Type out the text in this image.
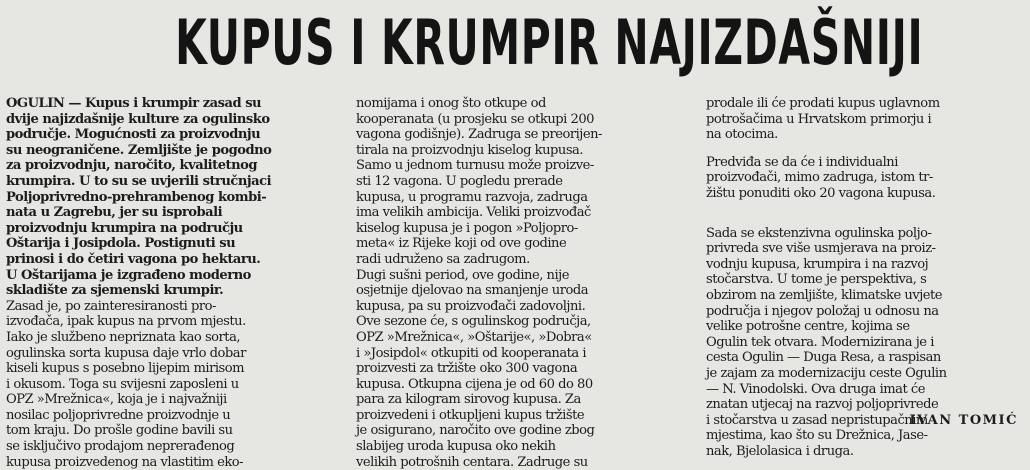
KUPUS I KRUMPIR NAJIZDAŠNIJI
OGULIN — Kupus i krumpir zasad su
dvije najizdašnije kulture za ogulinsko
područje. Mogućnosti za proizvodnju
su neograničene. Zemljište je pogodno
za proizvodnju, naročito, kvalitetnog
krumpira. U to su se uvjerili stručnjaci
Poljoprivredno-prehrambenog kombi-
nata u Zagrebu, jer su isprobali
proizvodnju krumpira na području
Oštarija i Josipdola. Postignuti su
prinosi i do četiri vagona po hektaru.
U Oštarijama je izgrađeno moderno
skladište za sjemenski krumpir.
Zasad je, po zainteresiranosti pro-
izvođača, ipak kupus na prvom mjestu.
Iako je službeno nepriznata kao sorta,
ogulinska sorta kupusa daje vrlo dobar
kiseli kupus s posebno lijepim mirisom
i okusom. Toga su svijesni zaposleni u
OPZ »Mrežnica«, koja je i najvažniji
nosilac poljoprivredne proizvodnje u
tom kraju. Do prošle godine bavili su
se isključivo prodajom neprerađenog
kupusa proizvedenog na vlastitim eko-
nomijama i onog što otkupe od
kooperanata (u prosjeku se otkupi 200
vagona godišnje). Zadruga se preorijen-
tirala na proizvodnju kiselog kupusa.
Samo u jednom turnusu može proizve-
sti 12 vagona. U pogledu prerade
kupusa, u programu razvoja, zadruga
ima velikih ambicija. Veliki proizvođač
kiselog kupusa je i pogon »Poljopro-
meta« iz Rijeke koji od ove godine
radi udruženo sa zadrugom.
Dugi sušni period, ove godine, nije
osjetnije djelovao na smanjenje uroda
kupusa, pa su proizvođači zadovoljni.
Ove sezone će, s ogulinskog područja,
OPZ »Mrežnica«, »Oštarije«, »Dobra«
i »Josipdol« otkupiti od kooperanata i
proizvesti za tržište oko 300 vagona
kupusa. Otkupna cijena je od 60 do 80
para za kilogram sirovog kupusa. Za
proizvedeni i otkupljeni kupus tržište
je osigurano, naročito ove godine zbog
slabijeg uroda kupusa oko nekih
velikih potrošnih centara. Zadruge su
prodale ili će prodati kupus uglavnom
potrošačima u Hrvatskom primorju i
na otocima.
Predviđa se da će i individualni
proizvođači, mimo zadruga, istom tr-
žištu ponuditi oko 20 vagona kupusa.
Sada se ekstenzivna ogulinska poljo-
privreda sve više usmjerava na proiz-
vodnju kupusa, krumpira i na razvoj
stočarstva. U tome je perspektiva, s
obzirom na zemljište, klimatske uvjete
područja i njegov položaj u odnosu na
velike potrošne centre, kojima se
Ogulin tek otvara. Modernizirana je i
cesta Ogulin — Duga Resa, a raspisan
je zajam za modernizaciju ceste Ogulin
— N. Vinodolski. Ova druga imat će
znatan utjecaj na razvoj poljoprivrede
i stočarstva u zasad nepristupačnim
mjestima, kao što su Drežnica, Jase-
nak, Bjelolasica i druga.
IVAN TOMIĆ
